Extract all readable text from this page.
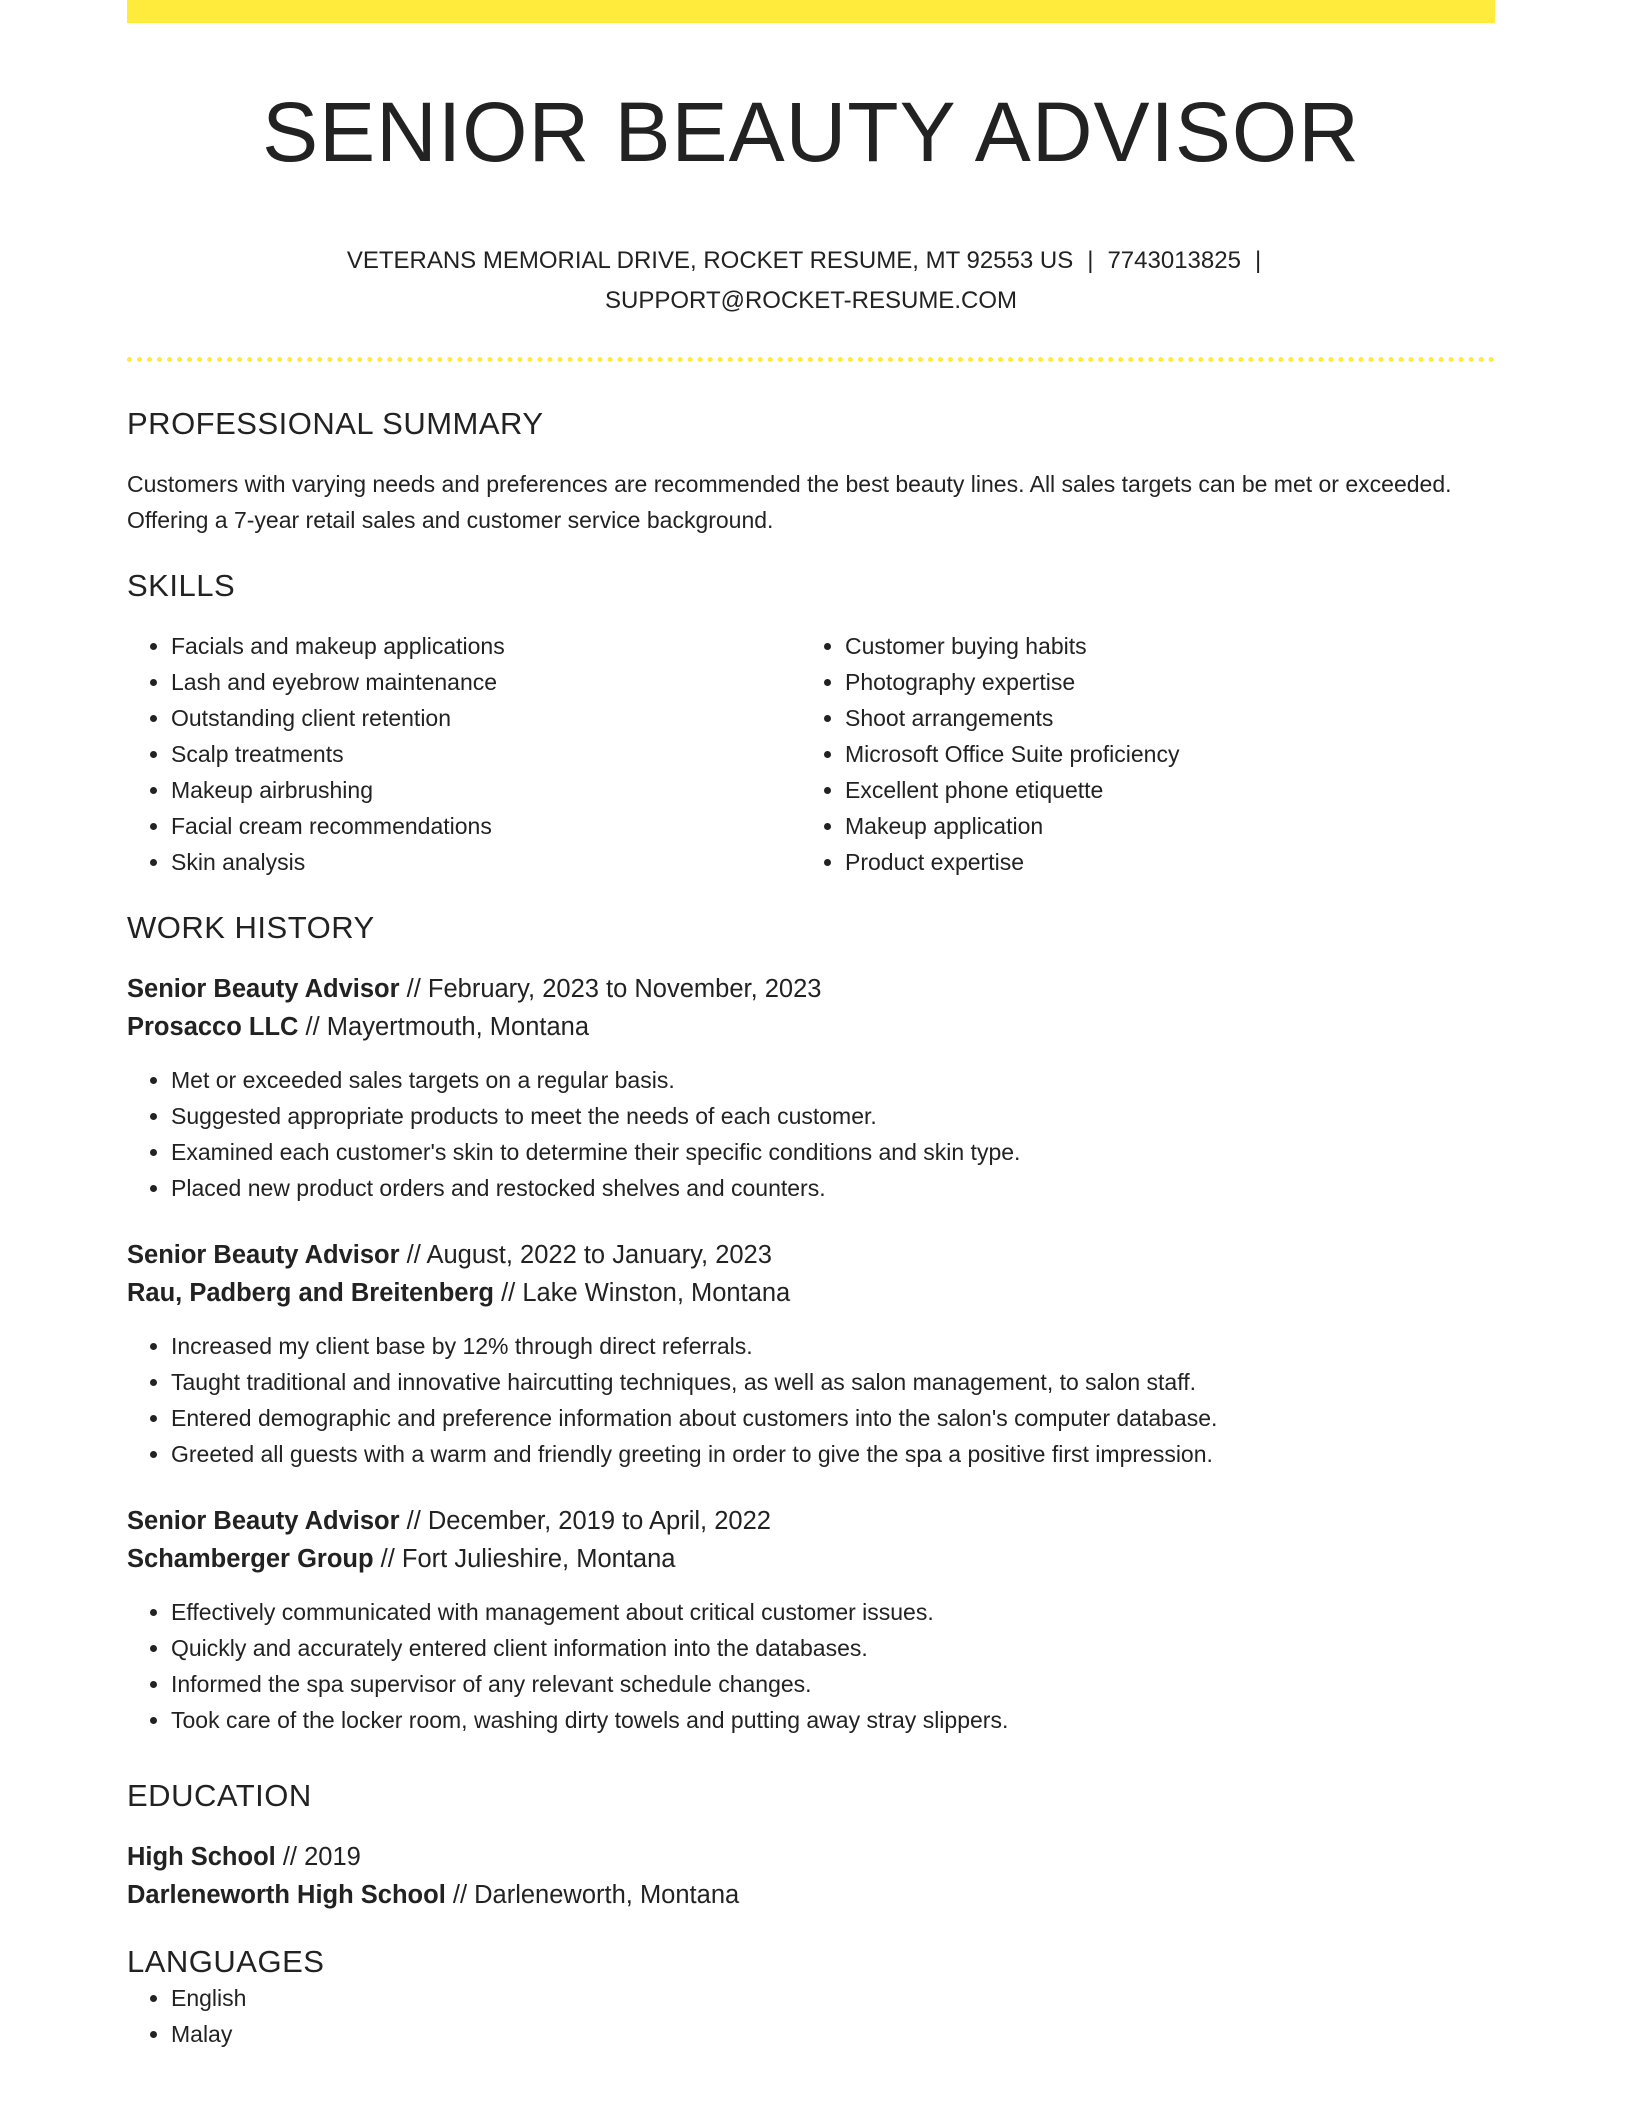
SENIOR BEAUTY ADVISOR
VETERANS MEMORIAL DRIVE, ROCKET RESUME, MT 92553 US | 7743013825 |
SUPPORT@ROCKET-RESUME.COM
PROFESSIONAL SUMMARY

Customers with varying needs and preferences are recommended the best beauty lines. All sales targets can be met or exceeded. Offering a 7-year retail sales and customer service background.

SKILLS
• Facials and makeup applications
• Lash and eyebrow maintenance
• Outstanding client retention
• Scalp treatments
• Makeup airbrushing
• Facial cream recommendations
• Skin analysis
• Customer buying habits
• Photography expertise
• Shoot arrangements
• Microsoft Office Suite proficiency
• Excellent phone etiquette
• Makeup application
• Product expertise
WORK HISTORY
Senior Beauty Advisor // February, 2023 to November, 2023
Prosacco LLC // Mayertmouth, Montana
• Met or exceeded sales targets on a regular basis.
• Suggested appropriate products to meet the needs of each customer.
• Examined each customer's skin to determine their specific conditions and skin type.
• Placed new product orders and restocked shelves and counters.
Senior Beauty Advisor // August, 2022 to January, 2023
Rau, Padberg and Breitenberg // Lake Winston, Montana
• Increased my client base by 12% through direct referrals.
• Taught traditional and innovative haircutting techniques, as well as salon management, to salon staff.
• Entered demographic and preference information about customers into the salon's computer database.
• Greeted all guests with a warm and friendly greeting in order to give the spa a positive first impression.
Senior Beauty Advisor // December, 2019 to April, 2022
Schamberger Group // Fort Julieshire, Montana
• Effectively communicated with management about critical customer issues.
• Quickly and accurately entered client information into the databases.
• Informed the spa supervisor of any relevant schedule changes.
• Took care of the locker room, washing dirty towels and putting away stray slippers.
EDUCATION
High School // 2019
Darleneworth High School // Darleneworth, Montana
LANGUAGES
• English
• Malay
